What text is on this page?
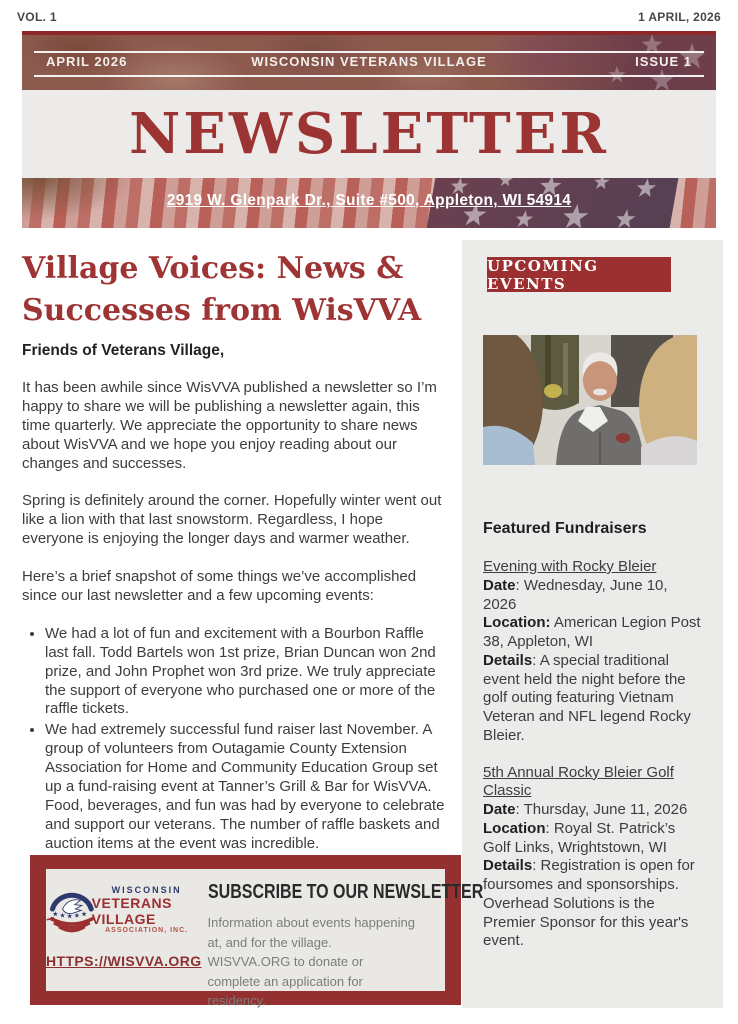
VOL. 1	1 APRIL, 2026
APRIL 2026	WISCONSIN VETERANS VILLAGE	ISSUE 1
NEWSLETTER
2919 W. Glenpark Dr., Suite #500, Appleton, WI 54914
Village Voices: News &
Successes from WisVVA
Friends of Veterans Village,

It has been awhile since WisVVA published a newsletter so I’m happy to share we will be publishing a newsletter again, this time quarterly. We appreciate the opportunity to share news about WisVVA and we hope you enjoy reading about our changes and successes.

Spring is definitely around the corner. Hopefully winter went out like a lion with that last snowstorm. Regardless, I hope everyone is enjoying the longer days and warmer weather.

Here’s a brief snapshot of some things we’ve accomplished since our last newsletter and a few upcoming events:

• We had a lot of fun and excitement with a Bourbon Raffle last fall. Todd Bartels won 1st prize, Brian Duncan won 2nd prize, and John Prophet won 3rd prize. We truly appreciate the support of everyone who purchased one or more of the raffle tickets.
• We had extremely successful fund raiser last November. A group of volunteers from Outagamie County Extension Association for Home and Community Education Group set up a fund-raising event at Tanner’s Grill & Bar for WisVVA. Food, beverages, and fun was had by everyone to celebrate and support our veterans. The number of raffle baskets and auction items at the event was incredible.
UPCOMING EVENTS
Featured Fundraisers
Evening with Rocky Bleier
Date: Wednesday, June 10, 2026
Location: American Legion Post 38, Appleton, WI
Details: A special traditional event held the night before the golf outing featuring Vietnam Veteran and NFL legend Rocky Bleier.
5th Annual Rocky Bleier Golf Classic
Date: Thursday, June 11, 2026
Location: Royal St. Patrick’s Golf Links, Wrightstown, WI
Details: Registration is open for foursomes and sponsorships. Overhead Solutions is the Premier Sponsor for this year's event.
WISCONSIN
VETERANS VILLAGE
ASSOCIATION, INC.
HTTPS://WISVVA.ORG
SUBSCRIBE TO OUR NEWSLETTER
Information about events happening
at, and for the village.
WISVVA.ORG to donate or
complete an application for
residency.
